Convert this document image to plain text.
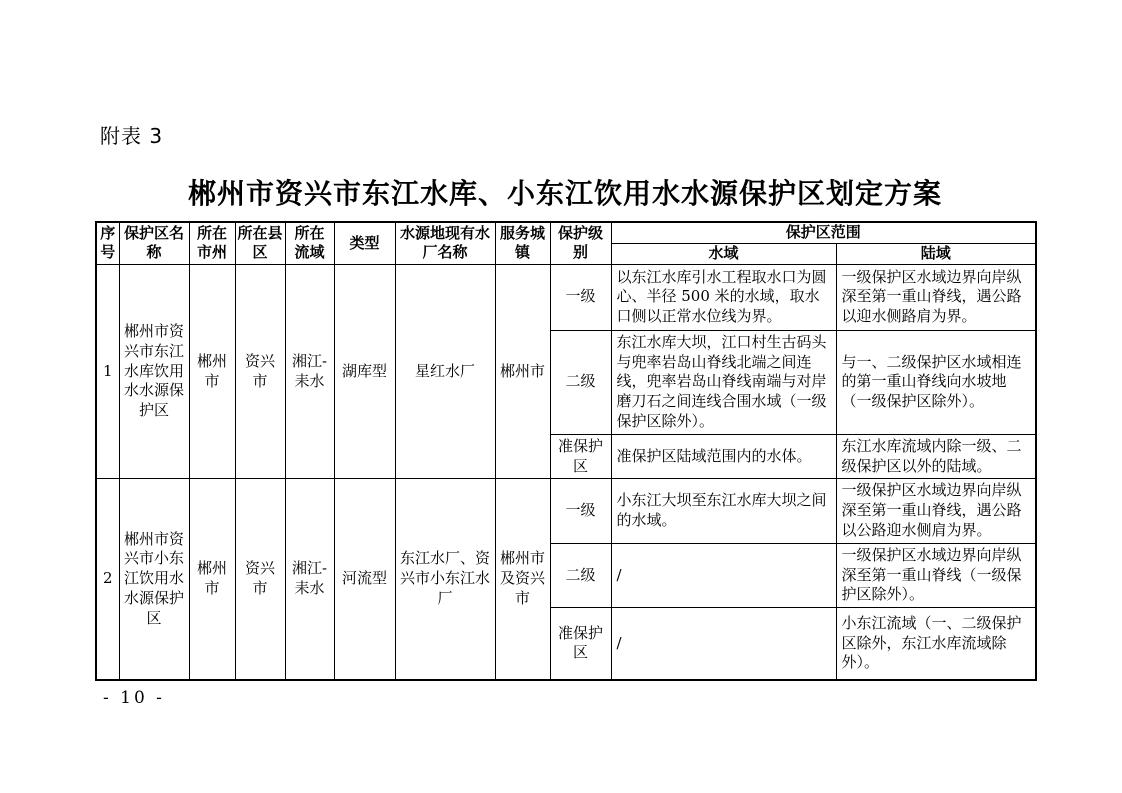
附表 3
郴州市资兴市东江水库、小东江饮用水水源保护区划定方案
序号	保护区名称	所在市州	所在县区	所在流域	类型	水源地现有水厂名称	服务城镇	保护级别	保护区范围	
									水域	陆域
1	郴州市资兴市东江水库饮用水水源保护区	郴州市	资兴市	湘江-耒水	湖库型	星红水厂	郴州市	一级	以东江水库引水工程取水口为圆心、半径 500 米的水域，取水口侧以正常水位线为界。	一级保护区水域边界向岸纵深至第一重山脊线，遇公路以迎水侧路肩为界。
								二级	东江水库大坝，江口村生古码头与兜率岩岛山脊线北端之间连线，兜率岩岛山脊线南端与对岸磨刀石之间连线合围水域（一级保护区除外）。	与一、二级保护区水域相连的第一重山脊线向水坡地（一级保护区除外）。
								准保护区	准保护区陆域范围内的水体。	东江水库流域内除一级、二级保护区以外的陆域。
2	郴州市资兴市小东江饮用水水源保护区	郴州市	资兴市	湘江-耒水	河流型	东江水厂、资兴市小东江水厂	郴州市及资兴市	一级	小东江大坝至东江水库大坝之间的水域。	一级保护区水域边界向岸纵深至第一重山脊线，遇公路以公路迎水侧肩为界。
								二级	/	一级保护区水域边界向岸纵深至第一重山脊线（一级保护区除外）。
								准保护区	/	小东江流域（一、二级保护区除外，东江水库流域除外）。
- 10 -
